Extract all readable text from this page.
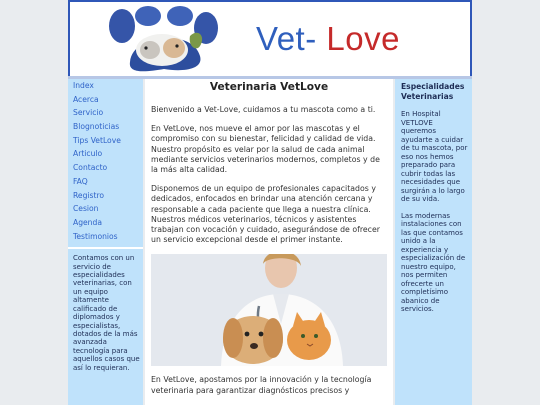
Vet- Love
Index
Acerca
Servicio
Blognoticias
Tips VetLove
Articulo
Contacto
FAQ
Registro
Cesion
Agenda
Testimonios
Contamos con un servicio de especialidades veterinarias, con un equipo altamente calificado de diplomados y especialistas, dotados de la más avanzada tecnología para aquellos casos que así lo requieran.
Veterinaria VetLove

Bienvenido a Vet-Love, cuidamos a tu mascota como a ti.

En VetLove, nos mueve el amor por las mascotas y el compromiso con su bienestar, felicidad y calidad de vida. Nuestro propósito es velar por la salud de cada animal mediante servicios veterinarios modernos, completos y de la más alta calidad.

Disponemos de un equipo de profesionales capacitados y dedicados, enfocados en brindar una atención cercana y responsable a cada paciente que llega a nuestra clínica. Nuestros médicos veterinarios, técnicos y asistentes trabajan con vocación y cuidado, asegurándose de ofrecer un servicio excepcional desde el primer instante.

En VetLove, apostamos por la innovación y la tecnología veterinaria para garantizar diagnósticos precisos y

Especialidades Veterinarias

En Hospital VETLOVE queremos ayudarte a cuidar de tu mascota, por eso nos hemos preparado para cubrir todas las necesidades que surgirán a lo largo de su vida.

Las modernas instalaciones con las que contamos unido a la experiencia y especialización de nuestro equipo, nos permiten ofrecerte un completísimo abanico de servicios.
